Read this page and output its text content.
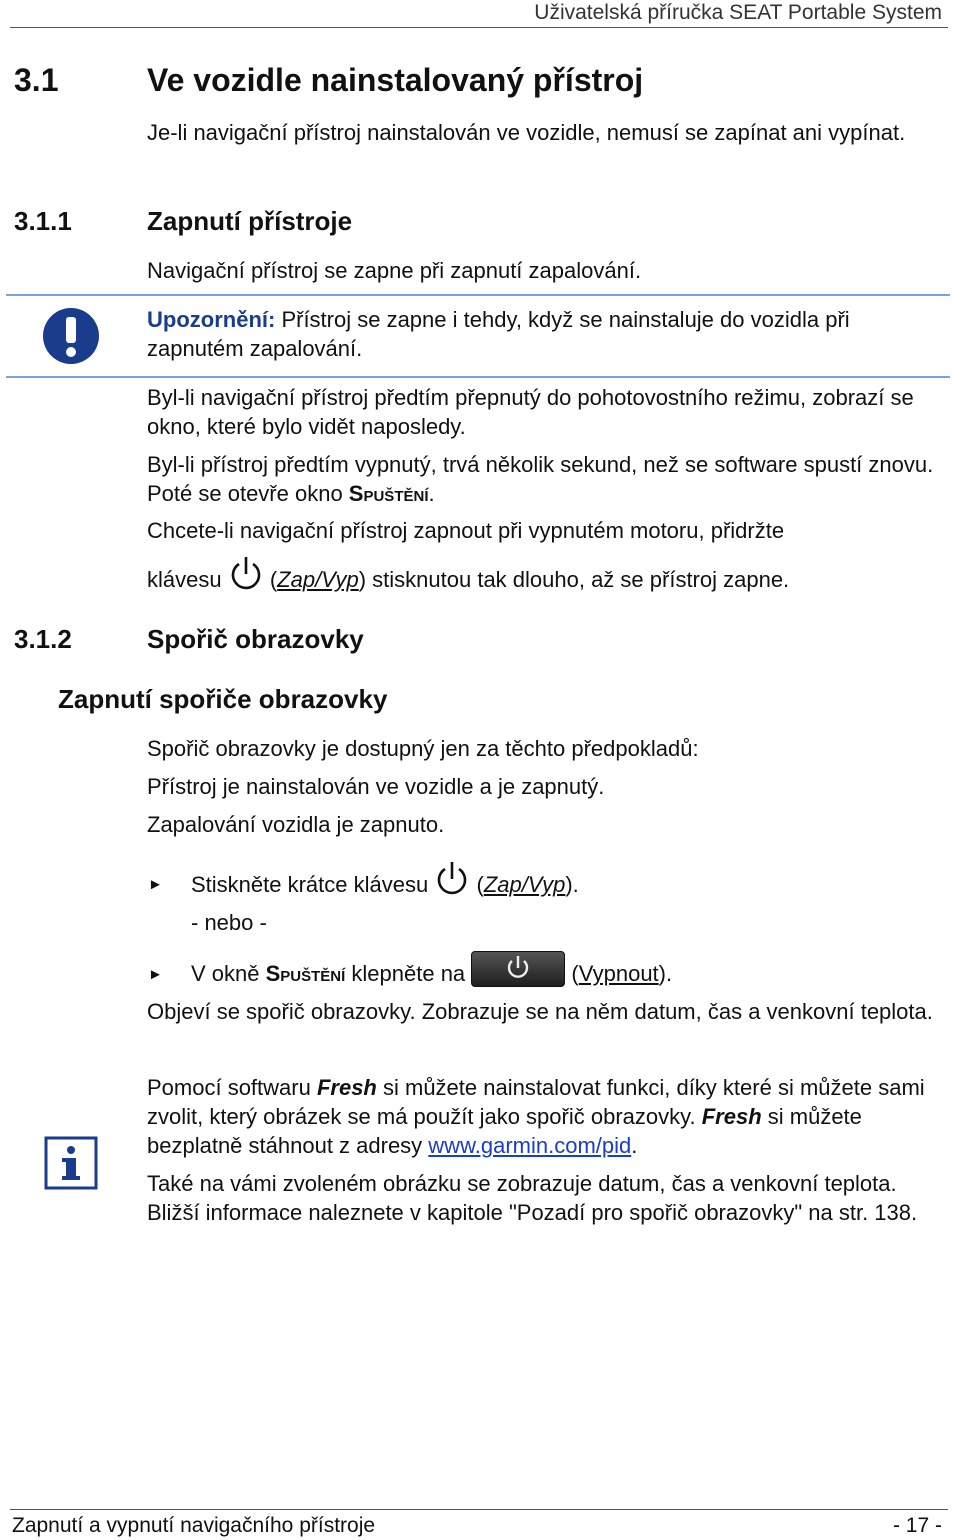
Uživatelská příručka SEAT Portable System
3.1	Ve vozidle nainstalovaný přístroj
Je-li navigační přístroj nainstalován ve vozidle, nemusí se zapínat ani vypínat.
3.1.1	Zapnutí přístroje
Navigační přístroj se zapne při zapnutí zapalování.
Upozornění: Přístroj se zapne i tehdy, když se nainstaluje do vozidla při zapnutém zapalování.
Byl-li navigační přístroj předtím přepnutý do pohotovostního režimu, zobrazí se okno, které bylo vidět naposledy.
Byl-li přístroj předtím vypnutý, trvá několik sekund, než se software spustí znovu. Poté se otevře okno Spuštění.
Chcete-li navigační přístroj zapnout při vypnutém motoru, přidržte
klávesu  (Zap/Vyp) stisknutou tak dlouho, až se přístroj zapne.
3.1.2	Spořič obrazovky
Zapnutí spořiče obrazovky
Spořič obrazovky je dostupný jen za těchto předpokladů:
Přístroj je nainstalován ve vozidle a je zapnutý.
Zapalování vozidla je zapnuto.
► Stiskněte krátce klávesu  (Zap/Vyp).
- nebo -
► V okně Spuštění klepněte na	(Vypnout).
Objeví se spořič obrazovky. Zobrazuje se na něm datum, čas a venkovní teplota.
Pomocí softwaru Fresh si můžete nainstalovat funkci, díky které si můžete sami zvolit, který obrázek se má použít jako spořič obrazovky. Fresh si můžete bezplatně stáhnout z adresy www.garmin.com/pid.
Také na vámi zvoleném obrázku se zobrazuje datum, čas a venkovní teplota. Bližší informace naleznete v kapitole "Pozadí pro spořič obrazovky" na str. 138.
Zapnutí a vypnutí navigačního přístroje	- 17 -
